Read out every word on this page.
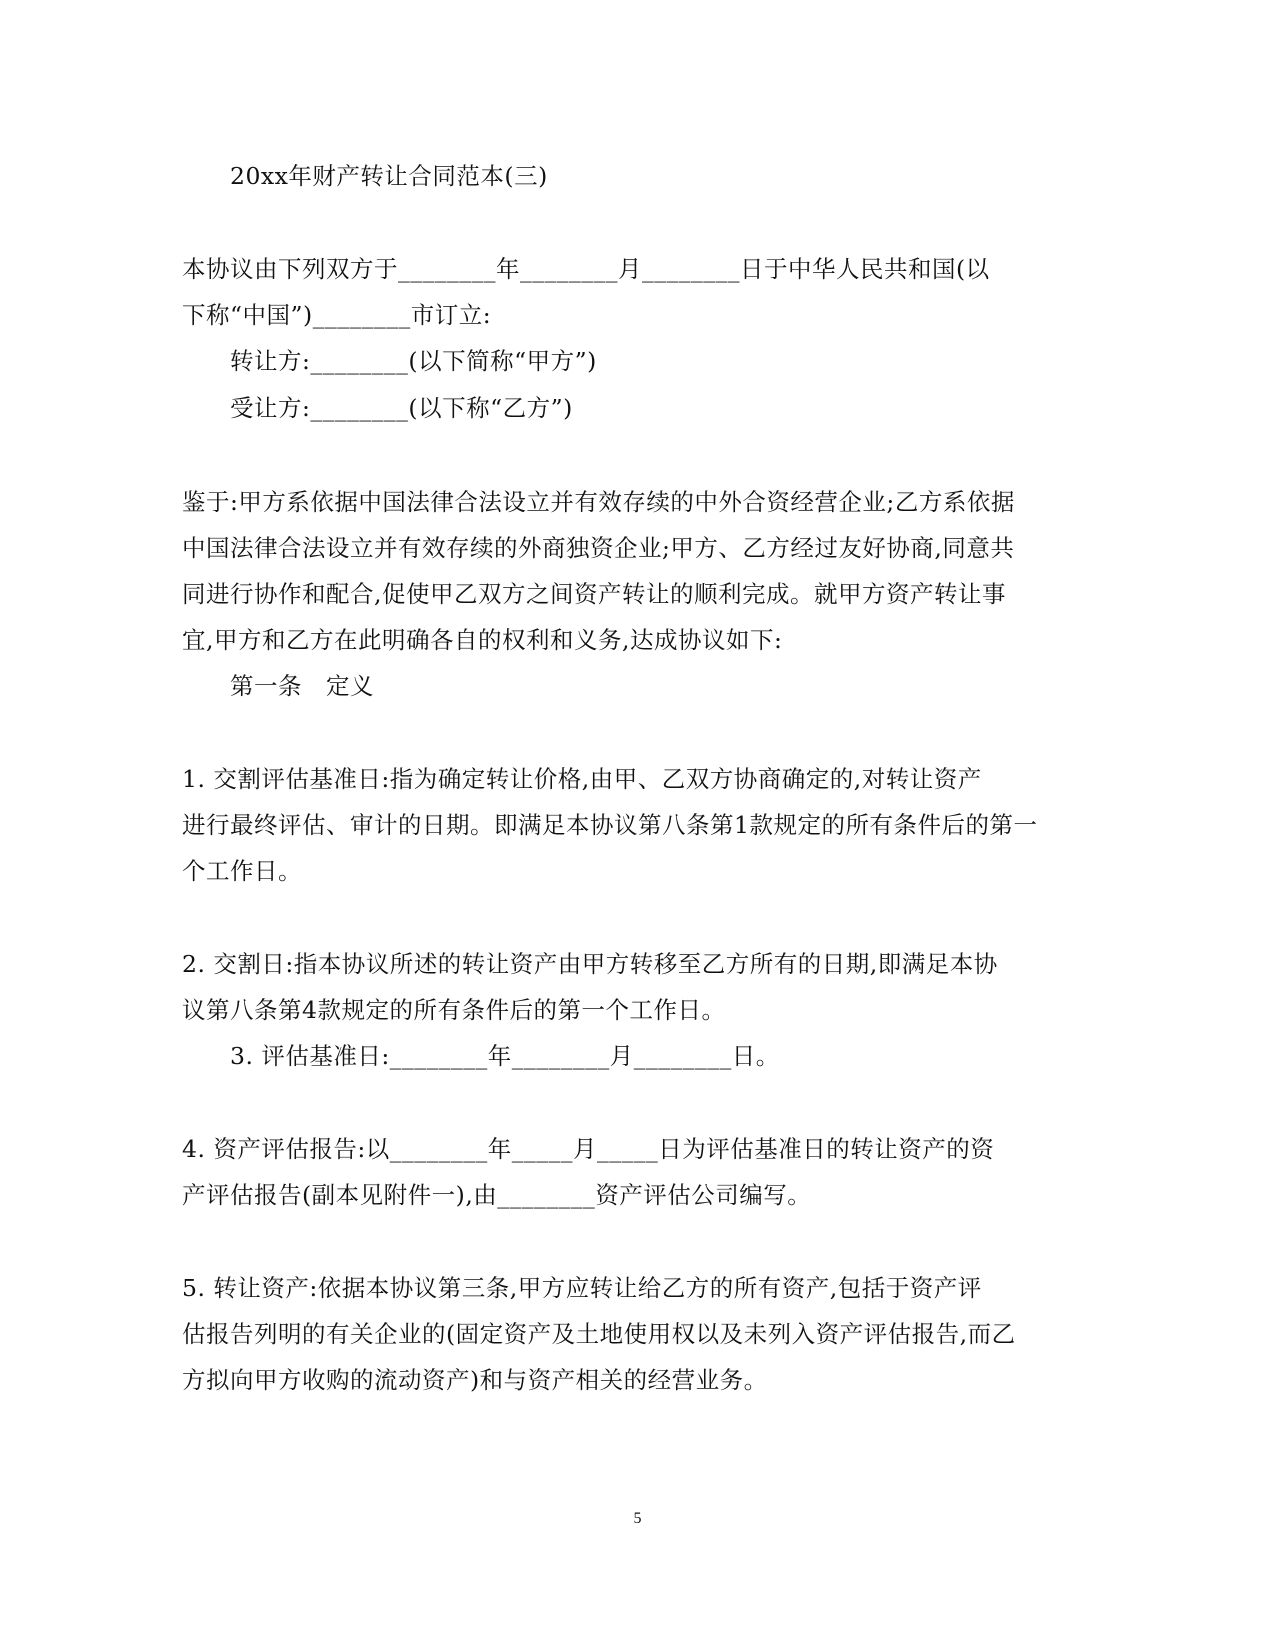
20xx年财产转让合同范本(三)
本协议由下列双方于________年________月________日于中华人民共和国(以
下称“中国”)________市订立:
转让方:________(以下简称“甲方”)
受让方:________(以下称“乙方”)
鉴于:甲方系依据中国法律合法设立并有效存续的中外合资经营企业;乙方系依据
中国法律合法设立并有效存续的外商独资企业;甲方、乙方经过友好协商,同意共
同进行协作和配合,促使甲乙双方之间资产转让的顺利完成。就甲方资产转让事
宜,甲方和乙方在此明确各自的权利和义务,达成协议如下:
第一条　定义
1. 交割评估基准日:指为确定转让价格,由甲、乙双方协商确定的,对转让资产
进行最终评估、审计的日期。即满足本协议第八条第1款规定的所有条件后的第一
个工作日。
2. 交割日:指本协议所述的转让资产由甲方转移至乙方所有的日期,即满足本协
议第八条第4款规定的所有条件后的第一个工作日。
3. 评估基准日:________年________月________日。
4. 资产评估报告:以________年_____月_____日为评估基准日的转让资产的资
产评估报告(副本见附件一),由________资产评估公司编写。
5. 转让资产:依据本协议第三条,甲方应转让给乙方的所有资产,包括于资产评
估报告列明的有关企业的(固定资产及土地使用权以及未列入资产评估报告,而乙
方拟向甲方收购的流动资产)和与资产相关的经营业务。
5
